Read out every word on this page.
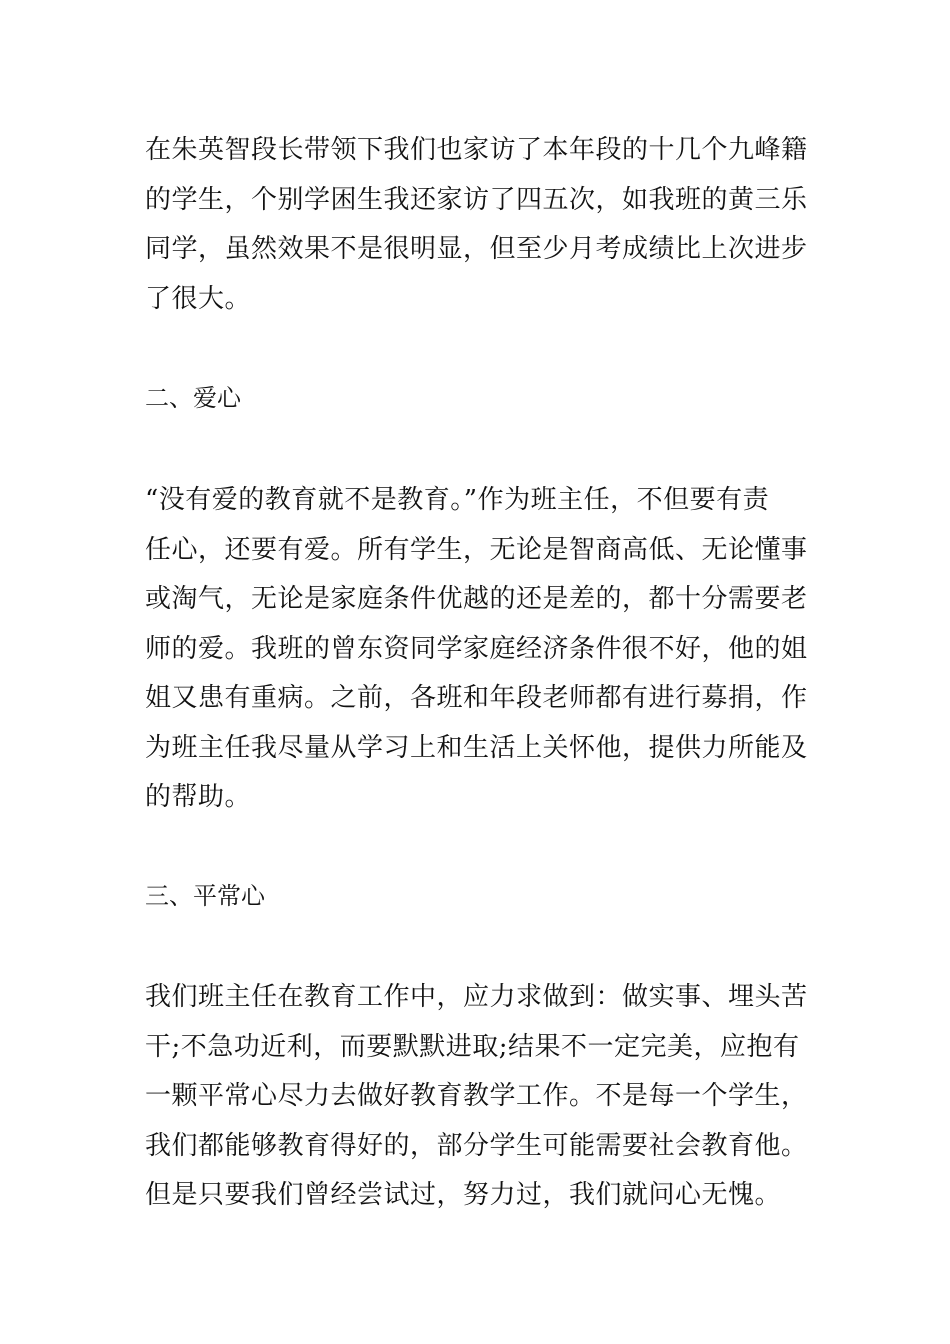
在朱英智段长带领下我们也家访了本年段的十几个九峰籍
的学生，个别学困生我还家访了四五次，如我班的黄三乐
同学，虽然效果不是很明显，但至少月考成绩比上次进步
了很大。

二、爱心

“没有爱的教育就不是教育。”作为班主任，不但要有责
任心，还要有爱。所有学生，无论是智商高低、无论懂事
或淘气，无论是家庭条件优越的还是差的，都十分需要老
师的爱。我班的曾东资同学家庭经济条件很不好，他的姐
姐又患有重病。之前，各班和年段老师都有进行募捐，作
为班主任我尽量从学习上和生活上关怀他，提供力所能及
的帮助。

三、平常心

我们班主任在教育工作中，应力求做到：做实事、埋头苦
干;不急功近利，而要默默进取;结果不一定完美，应抱有
一颗平常心尽力去做好教育教学工作。不是每一个学生，
我们都能够教育得好的，部分学生可能需要社会教育他。
但是只要我们曾经尝试过，努力过，我们就问心无愧。
